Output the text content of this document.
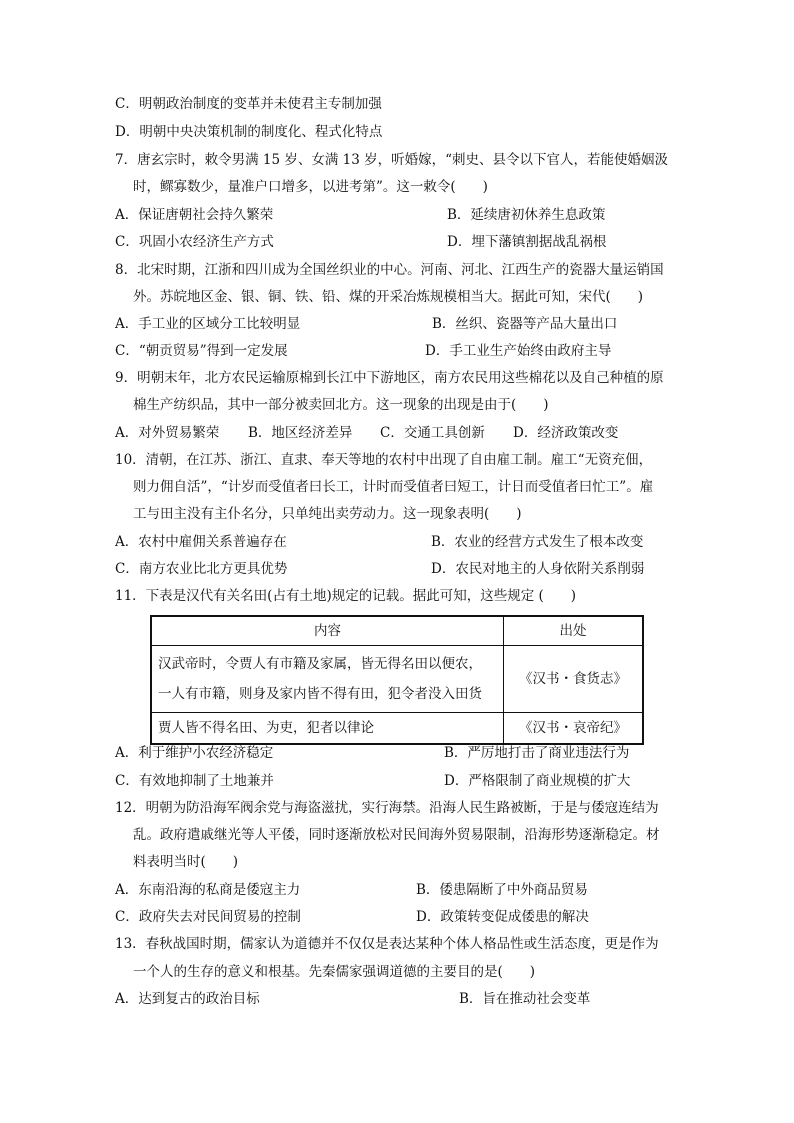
C．明朝政治制度的变革并未使君主专制加强
D．明朝中央决策机制的制度化、程式化特点
7．唐玄宗时，敕令男满 15 岁、女满 13 岁，听婚嫁，“刺史、县令以下官人，若能使婚姻汲
时，鳏寡数少，量准户口增多，以进考第”。这一敕令(　　)
A．保证唐朝社会持久繁荣	B．延续唐初休养生息政策
C．巩固小农经济生产方式	D．埋下藩镇割据战乱祸根
8．北宋时期，江浙和四川成为全国丝织业的中心。河南、河北、江西生产的瓷器大量运销国
外。苏皖地区金、银、铜、铁、铅、煤的开采冶炼规模相当大。据此可知，宋代(　　)
A．手工业的区域分工比较明显	B．丝织、瓷器等产品大量出口
C．“朝贡贸易”得到一定发展	D．手工业生产始终由政府主导
9．明朝末年，北方农民运输原棉到长江中下游地区，南方农民用这些棉花以及自己种植的原
棉生产纺织品，其中一部分被卖回北方。这一现象的出现是由于(　　)
A．对外贸易繁荣	B．地区经济差异 C．交通工具创新 D．经济政策改变
10．清朝，在江苏、浙江、直隶、奉天等地的农村中出现了自由雇工制。雇工“无资充佃，
则力佣自活”，“计岁而受值者曰长工，计时而受值者曰短工，计日而受值者曰忙工”。雇
工与田主没有主仆名分，只单纯出卖劳动力。这一现象表明(　　)
A．农村中雇佣关系普遍存在	B．农业的经营方式发生了根本改变
C．南方农业比北方更具优势	D．农民对地主的人身依附关系削弱
11．下表是汉代有关名田(占有土地)规定的记载。据此可知，这些规定 (　　)
内容	出处

汉武帝时，令贾人有市籍及家属，皆无得名田以便农，
一人有市籍，则身及家内皆不得有田，犯令者没入田货	《汉书・食货志》
贾人皆不得名田、为吏，犯者以律论	《汉书・哀帝纪》
A．利于维护小农经济稳定	B．严厉地打击了商业违法行为
C．有效地抑制了土地兼并	D．严格限制了商业规模的扩大
12．明朝为防沿海军阀余党与海盗滋扰，实行海禁。沿海人民生路被断，于是与倭寇连结为
乱。政府遣戚继光等人平倭，同时逐渐放松对民间海外贸易限制，沿海形势逐渐稳定。材
料表明当时(　　)
A．东南沿海的私商是倭寇主力	B．倭患隔断了中外商品贸易
C．政府失去对民间贸易的控制	D．政策转变促成倭患的解决
13．春秋战国时期，儒家认为道德并不仅仅是表达某种个体人格品性或生活态度，更是作为
一个人的生存的意义和根基。先秦儒家强调道德的主要目的是(　　)
A．达到复古的政治目标	B．旨在推动社会变革
